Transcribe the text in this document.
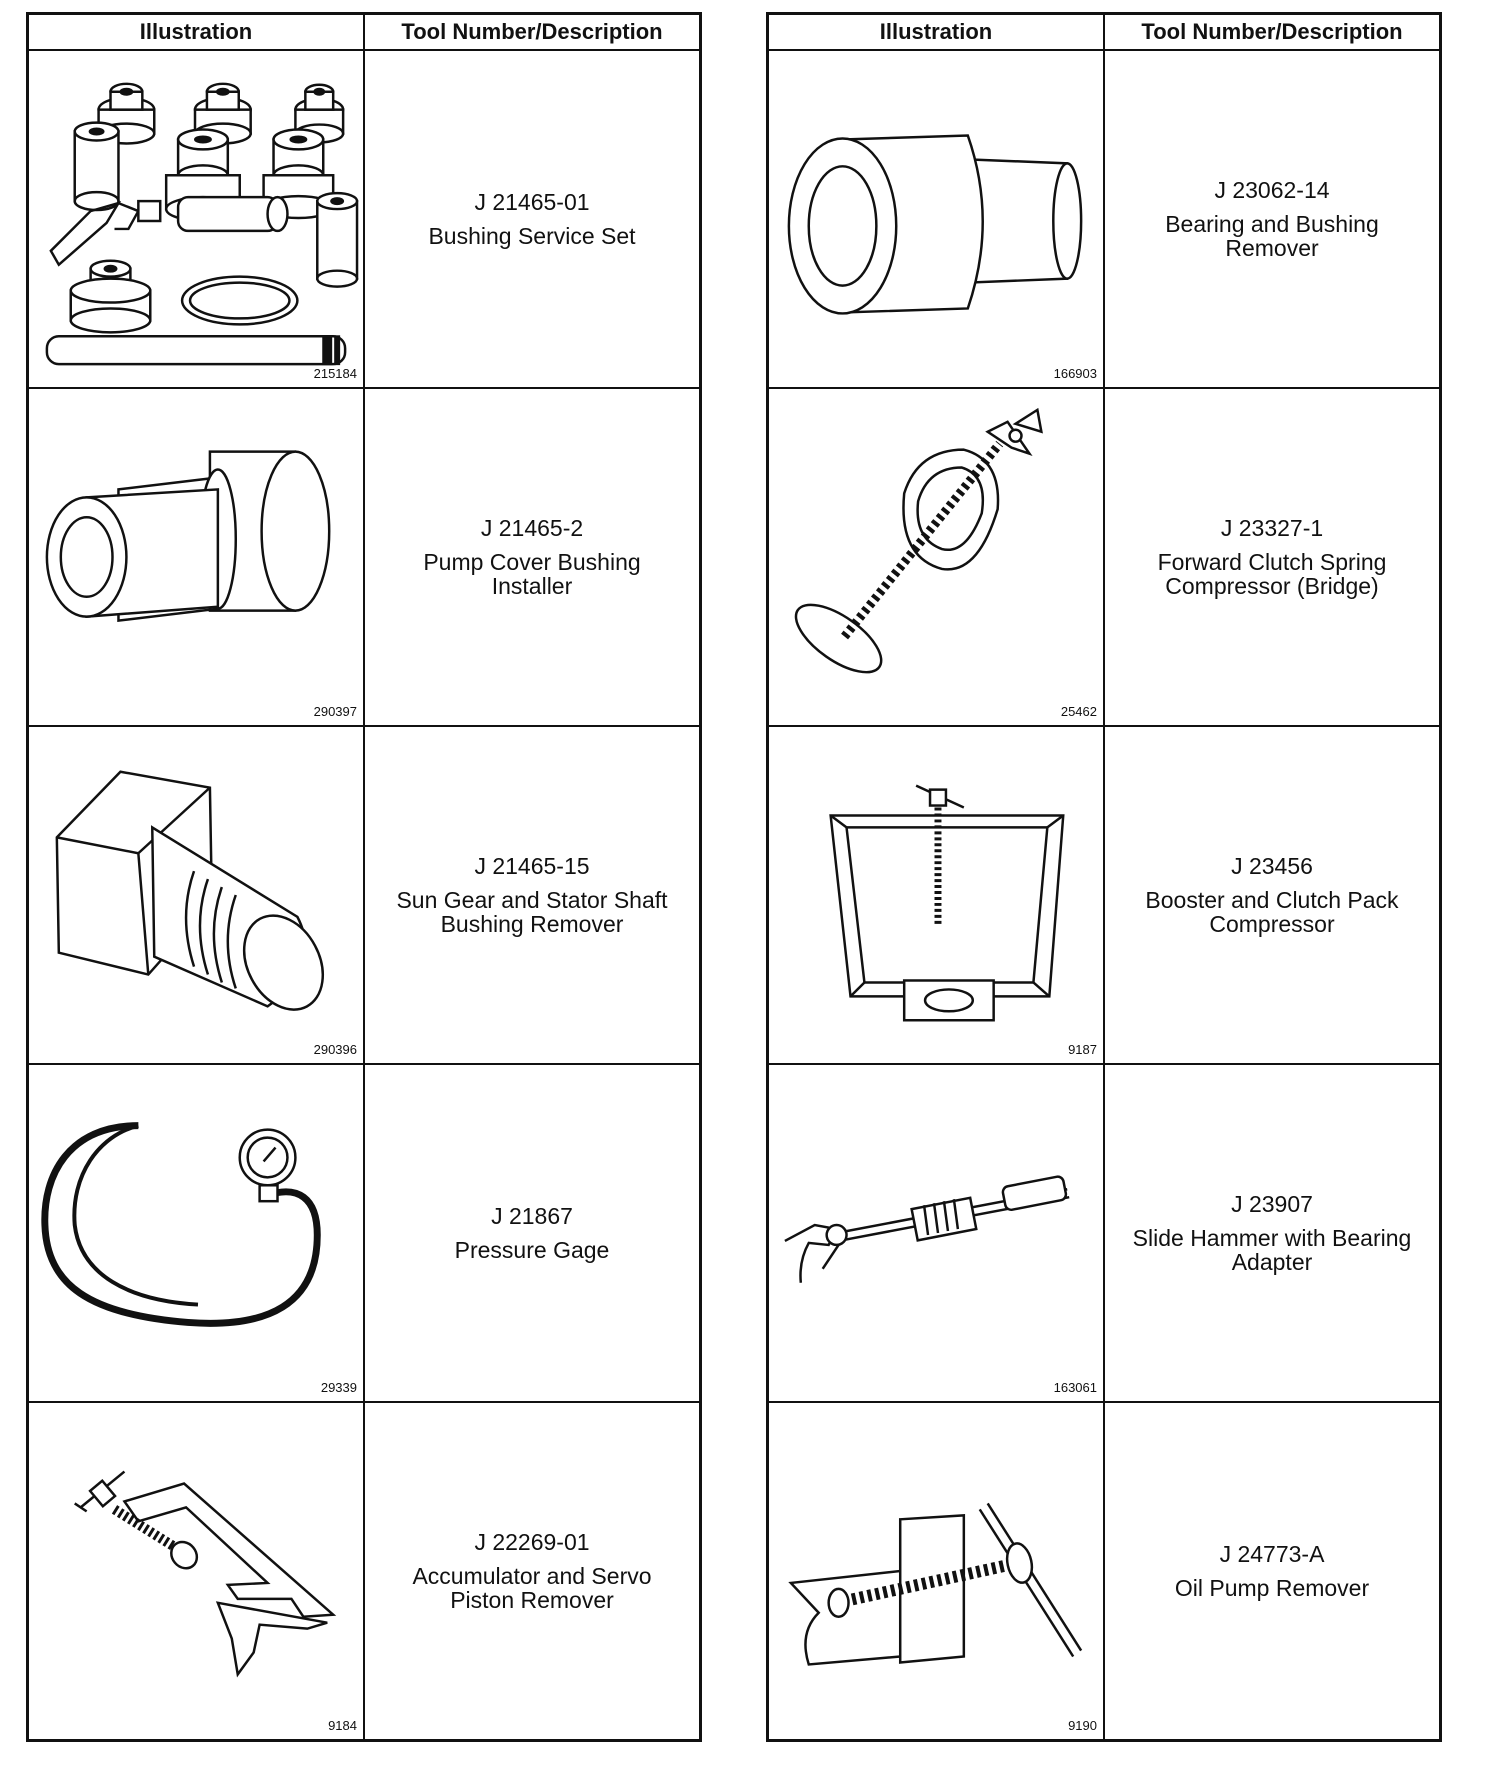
Illustration	Tool Number/Description

215184	J 21465-01
Bushing Service Set

290397	J 21465-2
Pump Cover Bushing
Installer

290396	J 21465-15
Sun Gear and Stator Shaft
Bushing Remover

29339	J 21867
Pressure Gage

9184	J 22269-01
Accumulator and Servo
Piston Remover
Illustration	Tool Number/Description

166903	J 23062-14
Bearing and Bushing
Remover

25462	J 23327-1
Forward Clutch Spring
Compressor (Bridge)

9187	J 23456
Booster and Clutch Pack
Compressor

163061	J 23907
Slide Hammer with Bearing
Adapter

9190	J 24773-A
Oil Pump Remover
